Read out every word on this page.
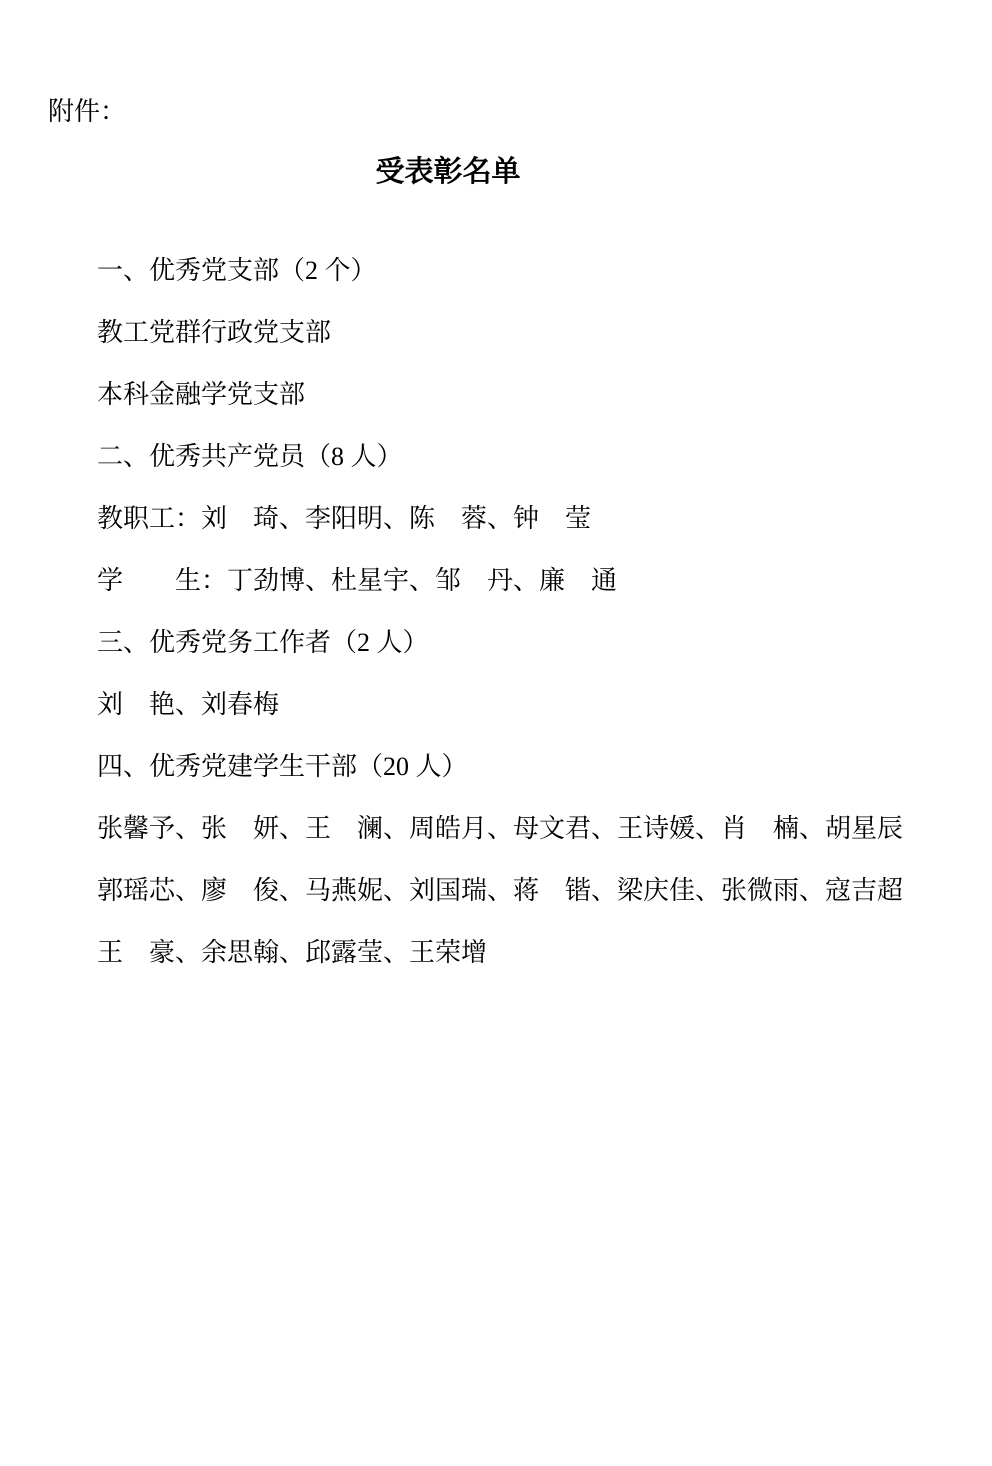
附件：
受表彰名单
一、优秀党支部（2 个）
教工党群行政党支部
本科金融学党支部
二、优秀共产党员（8 人）
教职工：刘　琦、李阳明、陈　蓉、钟　莹
学　　生：丁劲博、杜星宇、邹　丹、廉　通
三、优秀党务工作者（2 人）
刘　艳、刘春梅
四、优秀党建学生干部（20 人）
张馨予、张　妍、王　澜、周皓月、母文君、王诗媛、肖　楠、胡星辰
郭瑶芯、廖　俊、马燕妮、刘国瑞、蒋　锴、梁庆佳、张微雨、寇吉超
王　豪、余思翰、邱露莹、王荣增
